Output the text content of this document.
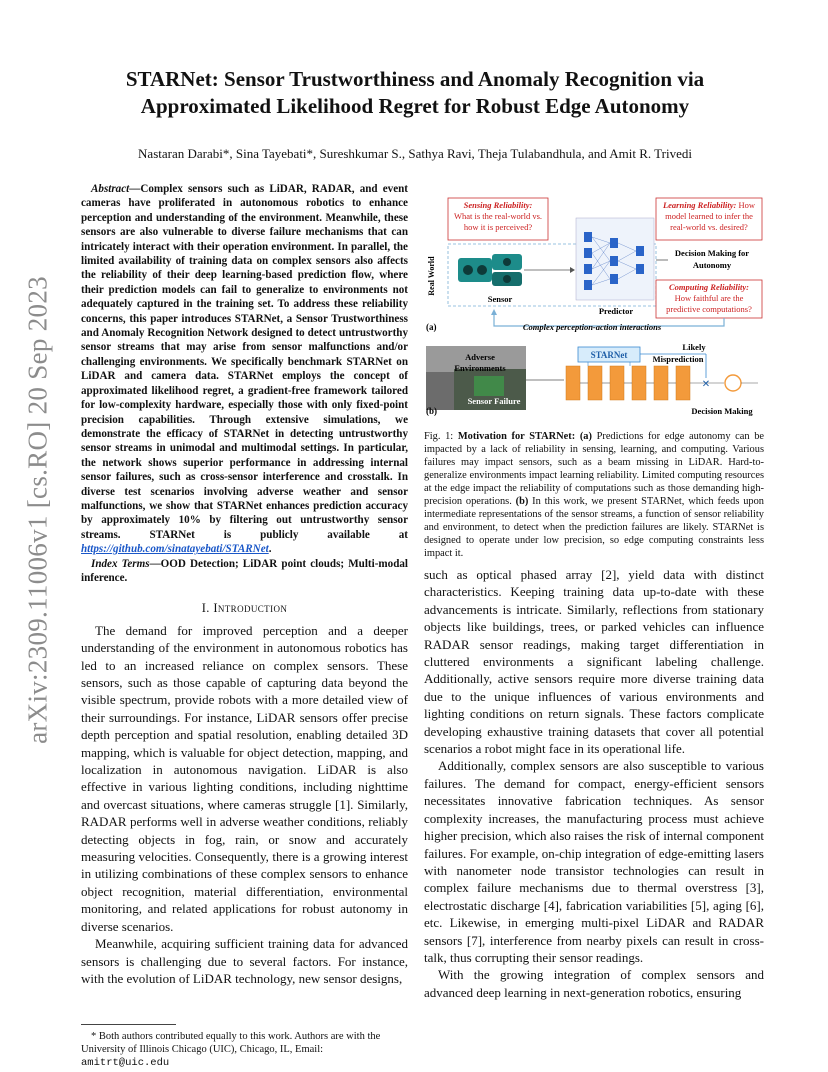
arXiv:2309.11006v1 [cs.RO] 20 Sep 2023
STARNet: Sensor Trustworthiness and Anomaly Recognition via
Approximated Likelihood Regret for Robust Edge Autonomy
Nastaran Darabi*, Sina Tayebati*, Sureshkumar S., Sathya Ravi, Theja Tulabandhula, and Amit R. Trivedi

Abstract—Complex sensors such as LiDAR, RADAR, and event cameras have proliferated in autonomous robotics to enhance perception and understanding of the environment. Meanwhile, these sensors are also vulnerable to diverse failure mechanisms that can intricately interact with their operation environment. In parallel, the limited availability of training data on complex sensors also affects the reliability of their deep learning-based prediction flow, where their prediction models can fail to generalize to environments not adequately captured in the training set. To address these reliability concerns, this paper introduces STARNet, a Sensor Trustworthiness and Anomaly Recognition Network designed to detect untrustworthy sensor streams that may arise from sensor malfunctions and/or challenging environments. We specifically benchmark STARNet on LiDAR and camera data. STARNet employs the concept of approximated likelihood regret, a gradient-free framework tailored for low-complexity hardware, especially those with only fixed-point precision capabilities. Through extensive simulations, we demonstrate the efficacy of STARNet in detecting untrustworthy sensor streams in unimodal and multimodal settings. In particular, the network shows superior performance in addressing internal sensor failures, such as cross-sensor interference and crosstalk. In diverse test scenarios involving adverse weather and sensor malfunctions, we show that STARNet enhances prediction accuracy by approximately 10% by filtering out untrustworthy sensor streams. STARNet is publicly available at https://github.com/sinatayebati/STARNet.

Index Terms—OOD Detection; LiDAR point clouds; Multi-modal inference.

I. Introduction

The demand for improved perception and a deeper understanding of the environment in autonomous robotics has led to an increased reliance on complex sensors. These sensors, such as those capable of capturing data beyond the visible spectrum, provide robots with a more detailed view of their surroundings. For instance, LiDAR sensors offer precise depth perception and spatial resolution, enabling detailed 3D mapping, which is valuable for object detection, mapping, and localization in autonomous navigation. LiDAR is also effective in various lighting conditions, including nighttime and overcast situations, where cameras struggle [1]. Similarly, RADAR performs well in adverse weather conditions, reliably detecting objects in fog, rain, or snow and accurately measuring velocities. Consequently, there is a growing interest in utilizing combinations of these complex sensors to enhance object recognition, material differentiation, environmental monitoring, and related applications for robust autonomy in diverse scenarios.

Meanwhile, acquiring sufficient training data for advanced sensors is challenging due to several factors. For instance, with the evolution of LiDAR technology, new sensor designs,

* Both authors contributed equally to this work. Authors are with the University of Illinois Chicago (UIC), Chicago, IL, Email: amitrt@uic.edu
Sensing Reliability:
What is the real-world vs.
how it is perceived?
Learning Reliability: How
model learned to infer the
real-world vs. desired?
Real World
Sensor
Predictor
Decision Making for
Autonomy
Computing Reliability:
How faithful are the
predictive computations?
(a)	Complex perception-action interactions
Adverse
Environments
Sensor Failure
STARNet
Likely
Misprediction
✕
(b)	Decision Making
Fig. 1: Motivation for STARNet: (a) Predictions for edge autonomy can be impacted by a lack of reliability in sensing, learning, and computing. Various failures may impact sensors, such as a beam missing in LiDAR. Hard-to-generalize environments impact learning reliability. Limited computing resources at the edge impact the reliability of computations such as those demanding high-precision operations. (b) In this work, we present STARNet, which feeds upon intermediate representations of the sensor streams, a function of sensor reliability and environment, to detect when the prediction failures are likely. STARNet is designed to operate under low precision, so edge computing constraints less impact it.

such as optical phased array [2], yield data with distinct characteristics. Keeping training data up-to-date with these advancements is intricate. Similarly, reflections from stationary objects like buildings, trees, or parked vehicles can influence RADAR sensor readings, making target differentiation in cluttered environments a significant labeling challenge. Additionally, active sensors require more diverse training data due to the unique influences of various environments and lighting conditions on return signals. These factors complicate developing exhaustive training datasets that cover all potential scenarios a robot might face in its operational life.

Additionally, complex sensors are also susceptible to various failures. The demand for compact, energy-efficient sensors necessitates innovative fabrication techniques. As sensor complexity increases, the manufacturing process must achieve higher precision, which also raises the risk of internal component failures. For example, on-chip integration of edge-emitting lasers with nanometer node transistor technologies can result in complex failure mechanisms due to thermal overstress [3], electrostatic discharge [4], fabrication variabilities [5], aging [6], etc. Likewise, in emerging multi-pixel LiDAR and RADAR sensors [7], interference from nearby pixels can result in cross-talk, thus corrupting their sensor readings.

With the growing integration of complex sensors and advanced deep learning in next-generation robotics, ensuring
